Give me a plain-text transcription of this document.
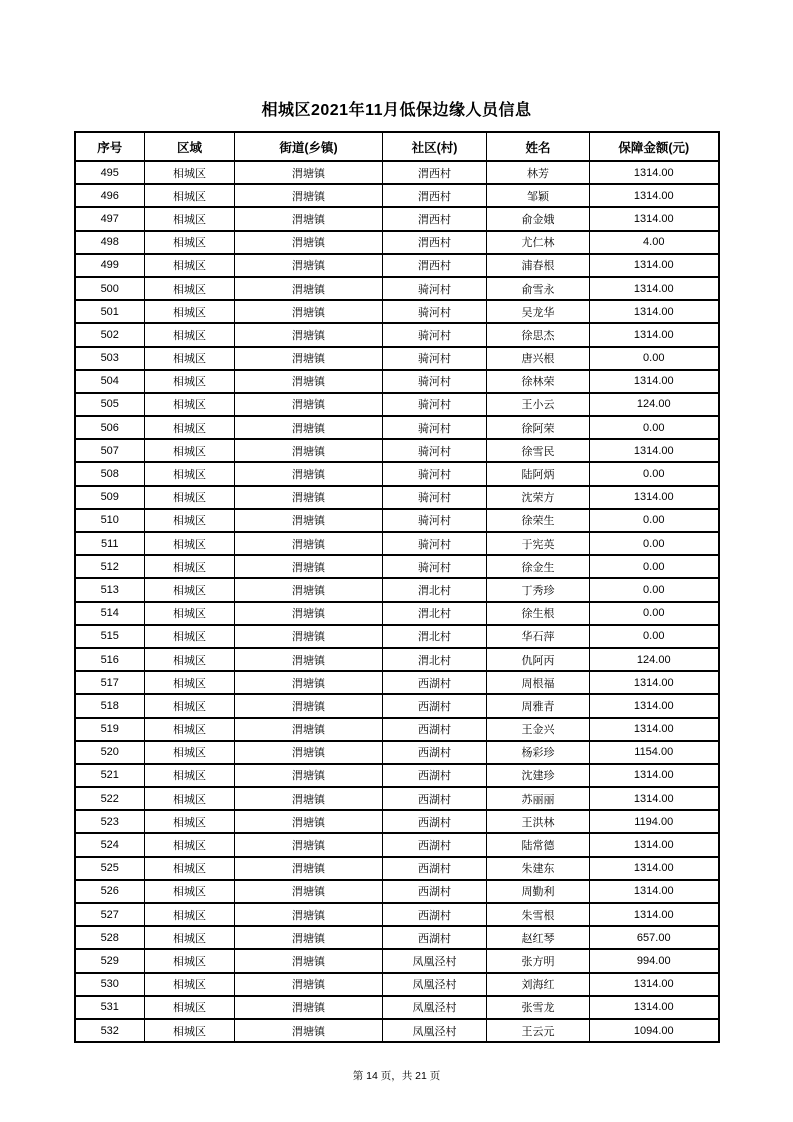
相城区2021年11月低保边缘人员信息
序号	区域	街道(乡镇)	社区(村)	姓名	保障金额(元)
495	相城区	渭塘镇	渭西村	林芳	1314.00
496	相城区	渭塘镇	渭西村	邹颖	1314.00
497	相城区	渭塘镇	渭西村	俞金娥	1314.00
498	相城区	渭塘镇	渭西村	尤仁林	4.00
499	相城区	渭塘镇	渭西村	浦春根	1314.00
500	相城区	渭塘镇	骑河村	俞雪永	1314.00
501	相城区	渭塘镇	骑河村	吴龙华	1314.00
502	相城区	渭塘镇	骑河村	徐思杰	1314.00
503	相城区	渭塘镇	骑河村	唐兴根	0.00
504	相城区	渭塘镇	骑河村	徐林荣	1314.00
505	相城区	渭塘镇	骑河村	王小云	124.00
506	相城区	渭塘镇	骑河村	徐阿荣	0.00
507	相城区	渭塘镇	骑河村	徐雪民	1314.00
508	相城区	渭塘镇	骑河村	陆阿炳	0.00
509	相城区	渭塘镇	骑河村	沈荣方	1314.00
510	相城区	渭塘镇	骑河村	徐荣生	0.00
511	相城区	渭塘镇	骑河村	于宪英	0.00
512	相城区	渭塘镇	骑河村	徐金生	0.00
513	相城区	渭塘镇	渭北村	丁秀珍	0.00
514	相城区	渭塘镇	渭北村	徐生根	0.00
515	相城区	渭塘镇	渭北村	华石萍	0.00
516	相城区	渭塘镇	渭北村	仇阿丙	124.00
517	相城区	渭塘镇	西湖村	周根福	1314.00
518	相城区	渭塘镇	西湖村	周雅青	1314.00
519	相城区	渭塘镇	西湖村	王金兴	1314.00
520	相城区	渭塘镇	西湖村	杨彩珍	1154.00
521	相城区	渭塘镇	西湖村	沈建珍	1314.00
522	相城区	渭塘镇	西湖村	苏丽丽	1314.00
523	相城区	渭塘镇	西湖村	王洪林	1194.00
524	相城区	渭塘镇	西湖村	陆常德	1314.00
525	相城区	渭塘镇	西湖村	朱建东	1314.00
526	相城区	渭塘镇	西湖村	周勤利	1314.00
527	相城区	渭塘镇	西湖村	朱雪根	1314.00
528	相城区	渭塘镇	西湖村	赵红琴	657.00
529	相城区	渭塘镇	凤凰泾村	张方明	994.00
530	相城区	渭塘镇	凤凰泾村	刘海红	1314.00
531	相城区	渭塘镇	凤凰泾村	张雪龙	1314.00
532	相城区	渭塘镇	凤凰泾村	王云元	1094.00
第 14 页，共 21 页
